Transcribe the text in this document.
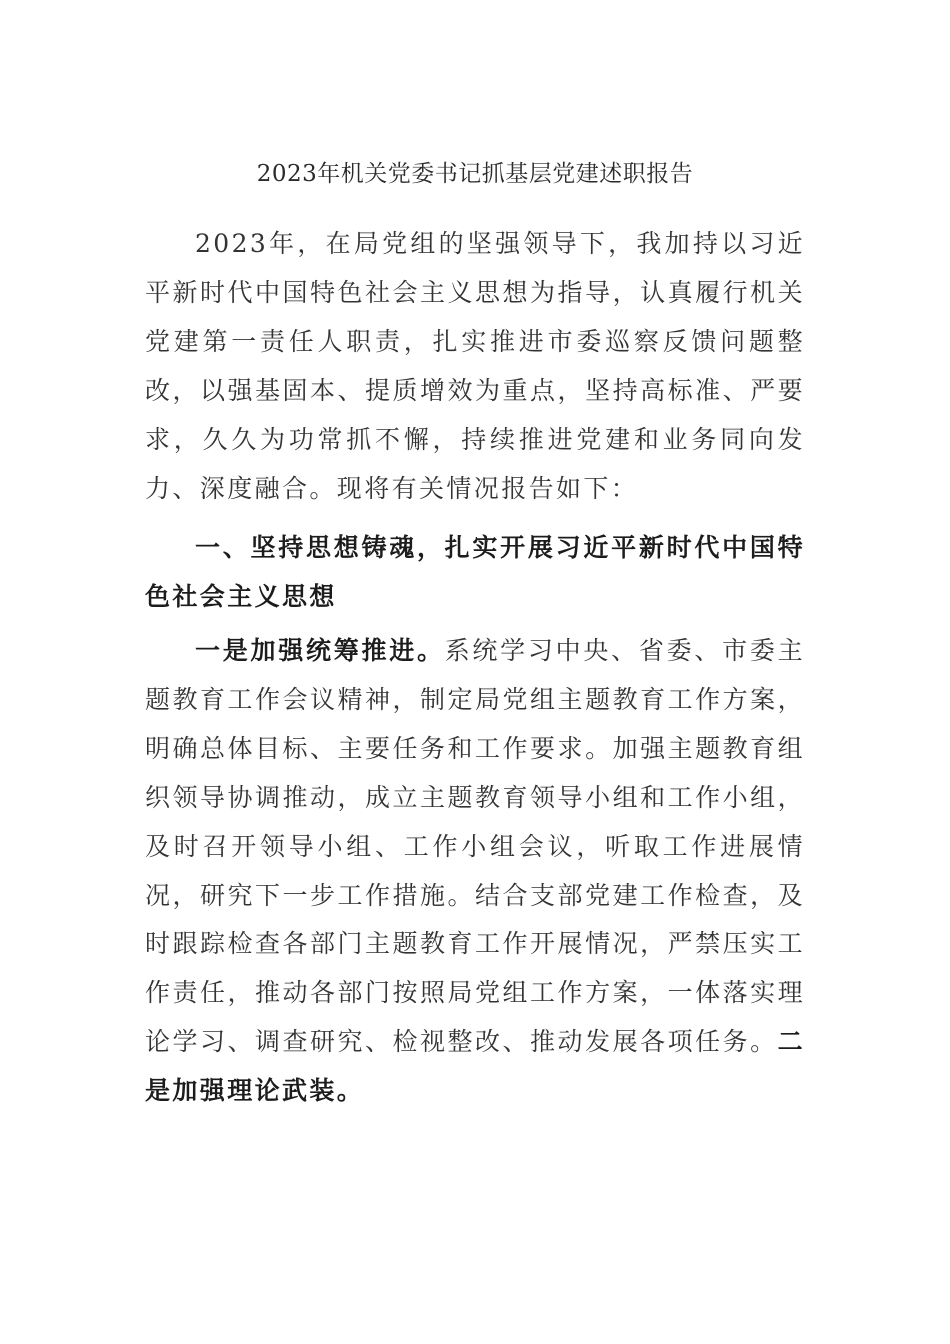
2023年机关党委书记抓基层党建述职报告

2023年，在局党组的坚强领导下，我加持以习近平新时代中国特色社会主义思想为指导，认真履行机关党建第一责任人职责，扎实推进市委巡察反馈问题整改，以强基固本、提质增效为重点，坚持高标准、严要求，久久为功常抓不懈，持续推进党建和业务同向发力、深度融合。现将有关情况报告如下：

一、坚持思想铸魂，扎实开展习近平新时代中国特色社会主义思想

一是加强统筹推进。系统学习中央、省委、市委主题教育工作会议精神，制定局党组主题教育工作方案，明确总体目标、主要任务和工作要求。加强主题教育组织领导协调推动，成立主题教育领导小组和工作小组，及时召开领导小组、工作小组会议，听取工作进展情况，研究下一步工作措施。结合支部党建工作检查，及时跟踪检查各部门主题教育工作开展情况，严禁压实工作责任，推动各部门按照局党组工作方案，一体落实理论学习、调查研究、检视整改、推动发展各项任务。二是加强理论武装。
